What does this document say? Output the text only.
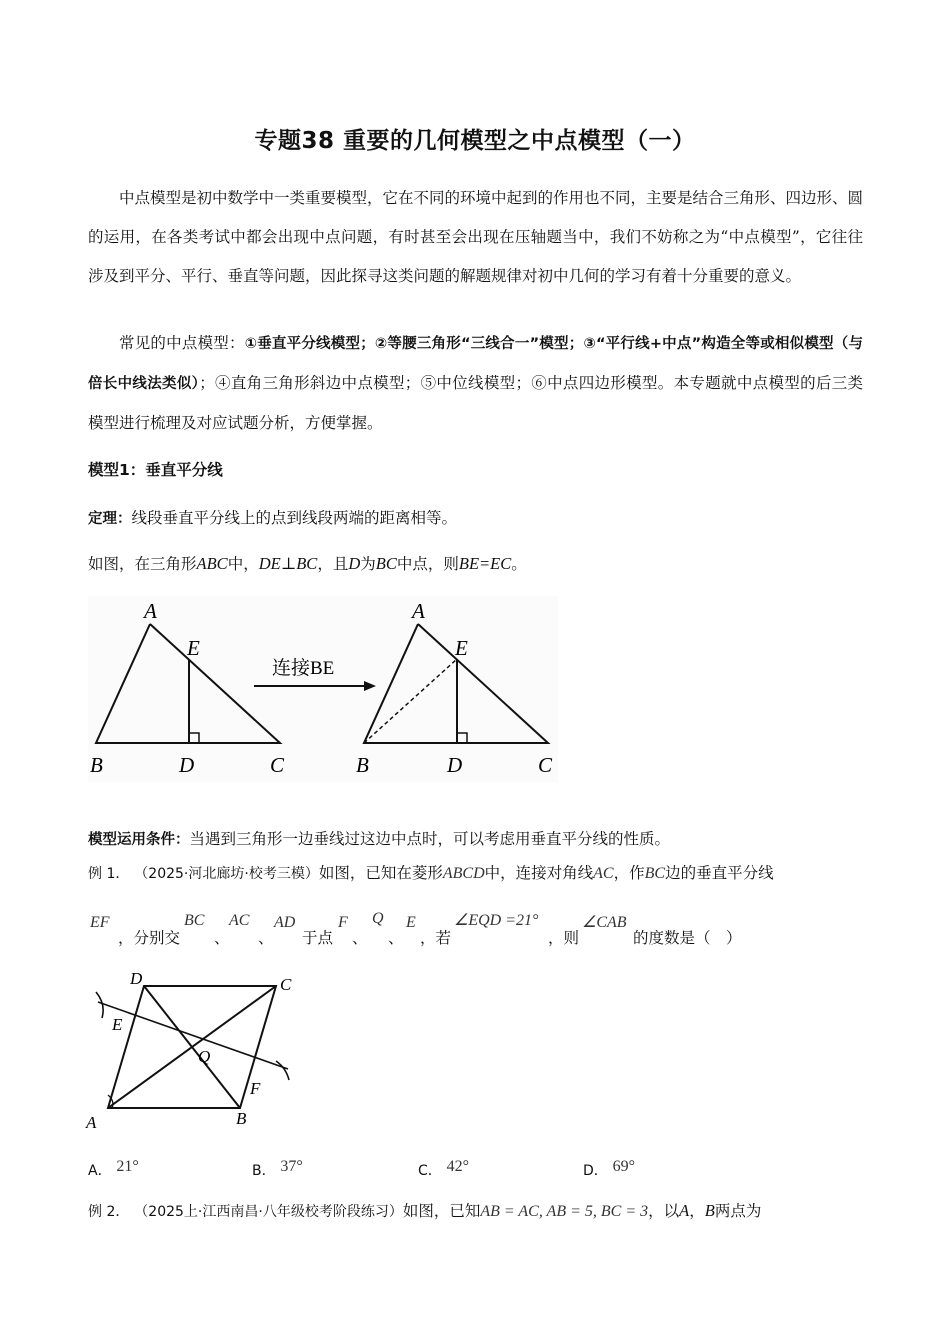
专题38 重要的几何模型之中点模型（一）
中点模型是初中数学中一类重要模型，它在不同的环境中起到的作用也不同，主要是结合三角形、四边形、圆的运用，在各类考试中都会出现中点问题，有时甚至会出现在压轴题当中，我们不妨称之为“中点模型”，它往往涉及到平分、平行、垂直等问题，因此探寻这类问题的解题规律对初中几何的学习有着十分重要的意义。
常见的中点模型：①垂直平分线模型；②等腰三角形“三线合一”模型；③“平行线+中点”构造全等或相似模型（与倍长中线法类似）；④直角三角形斜边中点模型；⑤中位线模型；⑥中点四边形模型。本专题就中点模型的后三类模型进行梳理及对应试题分析，方便掌握。
模型1：垂直平分线
定理：线段垂直平分线上的点到线段两端的距离相等。
如图，在三角形ABC中，DE⊥BC，且D为BC中点，则BE=EC。
A
E
B	D	C
连接BE
A
E
B	D	C
模型运用条件：当遇到三角形一边垂线过这边中点时，可以考虑用垂直平分线的性质。
例 1． （2025·河北廊坊·校考三模）如图，已知在菱形ABCD中，连接对角线AC，作BC边的垂直平分线
EF
，分别交
BC
、
AC
、
AD
于点
F
、
Q
、
E
，若
∠EQD =21°
，则
∠CAB
的度数是（　）
D	C
E
Q
F
A	B
A． 21°	B． 37°	C． 42°	D． 69°
例 2． （2025上·江西南昌·八年级校考阶段练习）如图，已知AB = AC, AB = 5, BC = 3，以A，B两点为
